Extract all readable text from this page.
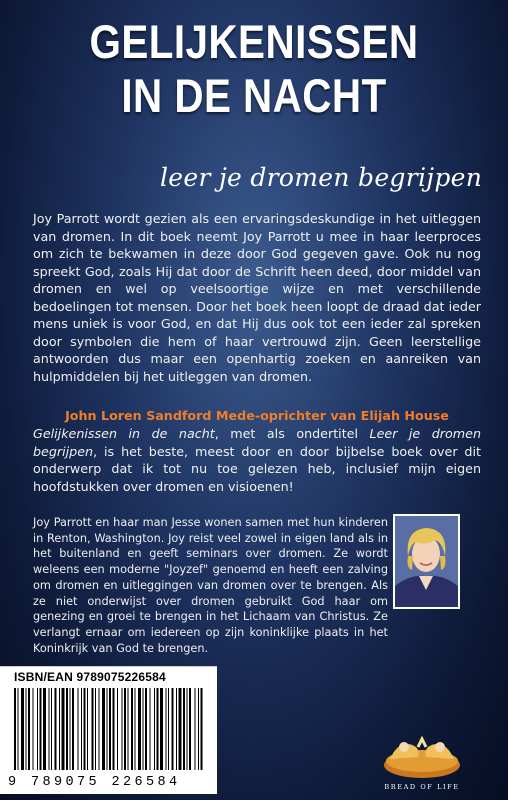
GELIJKENISSEN
IN DE NACHT
leer je dromen begrijpen
Joy Parrott wordt gezien als een ervaringsdeskundige in het uitleggen van dromen. In dit boek neemt Joy Parrott u mee in haar leerproces om zich te bekwamen in deze door God gegeven gave. Ook nu nog spreekt God, zoals Hij dat door de Schrift heen deed, door middel van dromen en wel op veelsoortige wijze en met verschillende bedoelingen tot mensen. Door het boek heen loopt de draad dat ieder mens uniek is voor God, en dat Hij dus ook tot een ieder zal spreken door symbolen die hem of haar vertrouwd zijn. Geen leerstellige antwoorden dus maar een openhartig zoeken en aanreiken van hulpmiddelen bij het uitleggen van dromen.
John Loren Sandford Mede-oprichter van Elijah House
Gelijkenissen in de nacht, met als ondertitel Leer je dromen begrijpen, is het beste, meest door en door bijbelse boek over dit onderwerp dat ik tot nu toe gelezen heb, inclusief mijn eigen hoofdstukken over dromen en visioenen!
Joy Parrott en haar man Jesse wonen samen met hun kinderen in Renton, Washington. Joy reist veel zowel in eigen land als in het buitenland en geeft seminars over dromen. Ze wordt weleens een moderne "Joyzef" genoemd en heeft een zalving om dromen en uitleggingen van dromen over te brengen. Als ze niet onderwijst over dromen gebruikt God haar om genezing en groei te brengen in het Lichaam van Christus. Ze verlangt ernaar om iedereen op zijn koninklijke plaats in het Koninkrijk van God te brengen.
ISBN/EAN 9789075226584
9 789075 226584	BREAD OF LIFE
